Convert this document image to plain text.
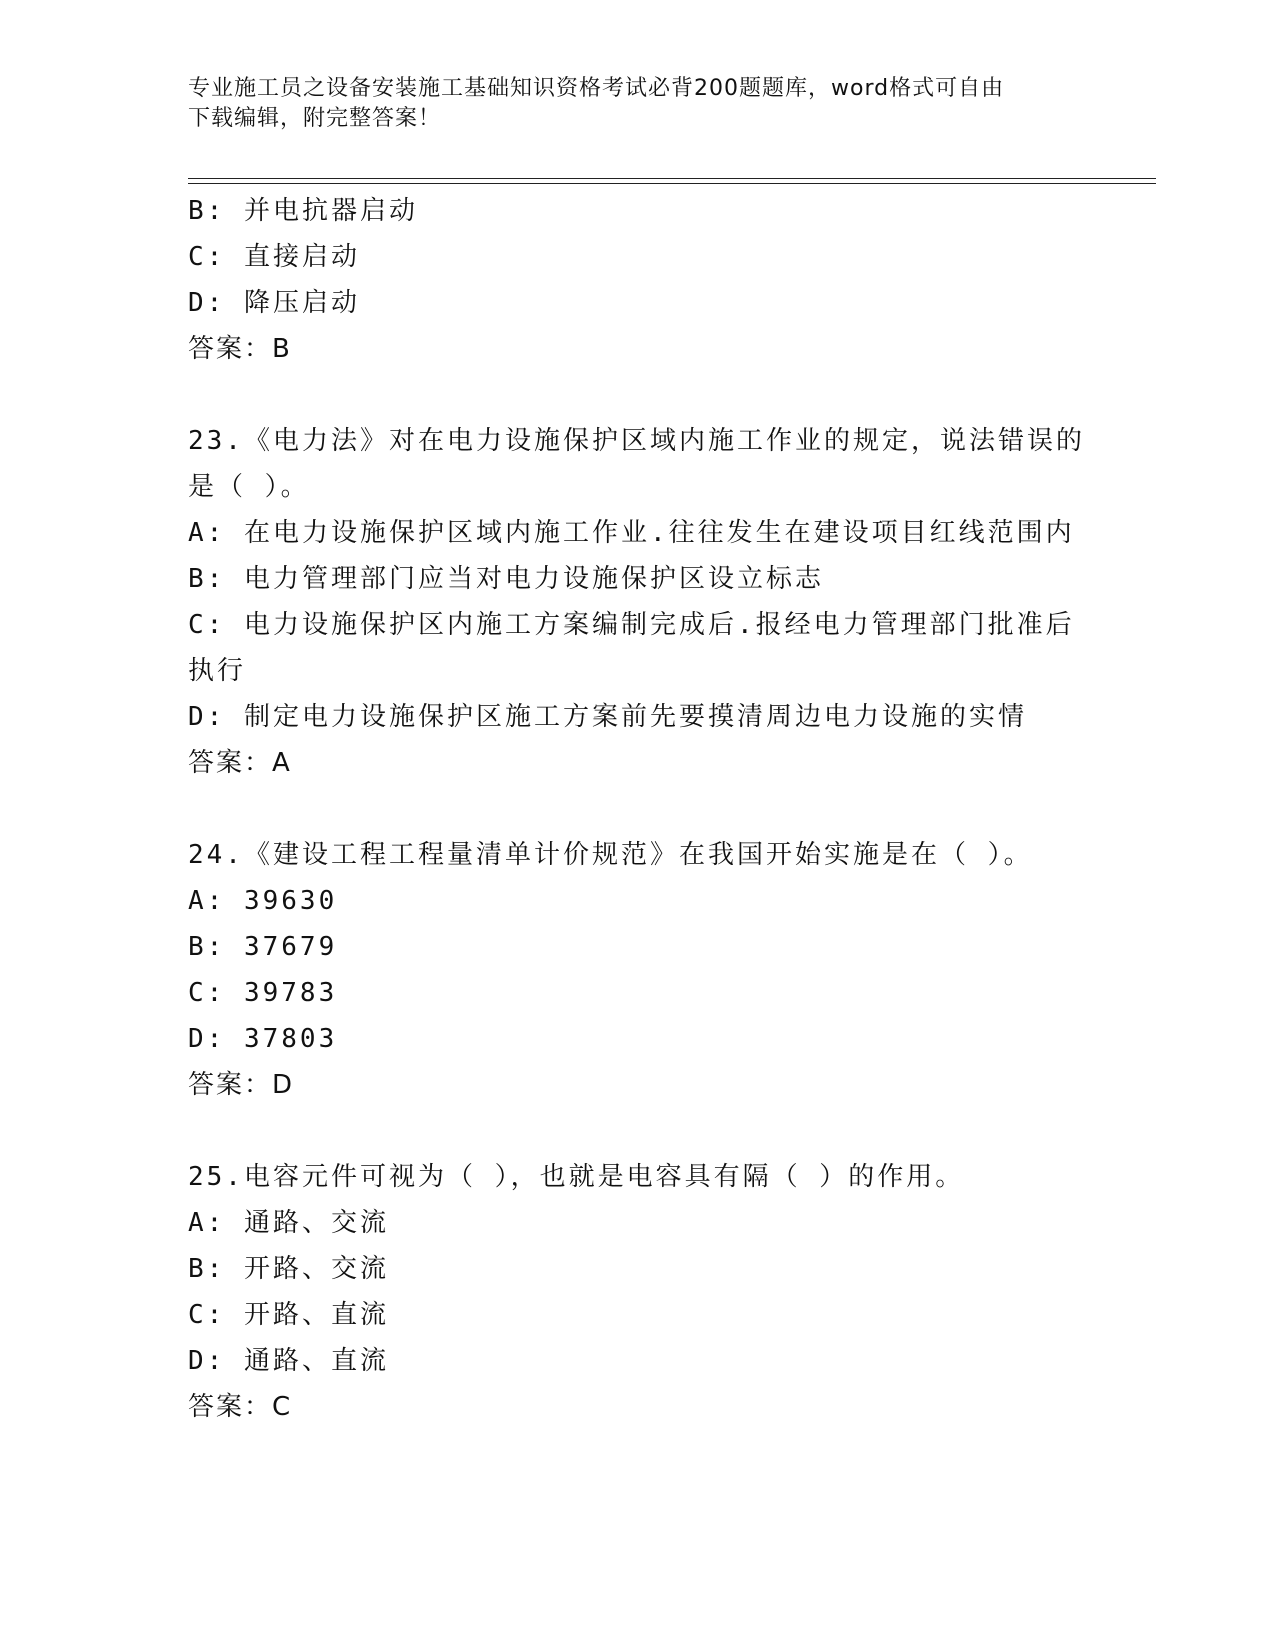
专业施工员之设备安装施工基础知识资格考试必背200题题库，word格式可自由
下载编辑，附完整答案！

B: 并电抗器启动

C: 直接启动

D: 降压启动

答案：B

23.《电力法》对在电力设施保护区域内施工作业的规定，说法错误的

是（ ）。

A: 在电力设施保护区域内施工作业.往往发生在建设项目红线范围内

B: 电力管理部门应当对电力设施保护区设立标志

C: 电力设施保护区内施工方案编制完成后.报经电力管理部门批准后

执行

D: 制定电力设施保护区施工方案前先要摸清周边电力设施的实情

答案：A

24.《建设工程工程量清单计价规范》在我国开始实施是在（ ）。

A: 39630

B: 37679

C: 39783

D: 37803

答案：D

25.电容元件可视为（ ），也就是电容具有隔（ ）的作用。

A: 通路、交流

B: 开路、交流

C: 开路、直流

D: 通路、直流

答案：C
